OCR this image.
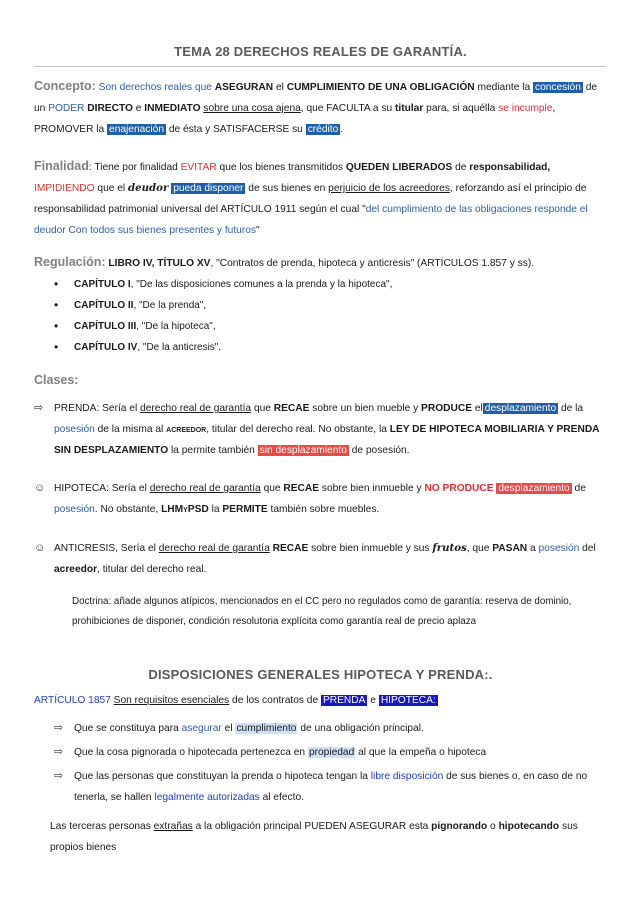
TEMA 28 DERECHOS REALES DE GARANTÍA.

Concepto: Son derechos reales que ASEGURAN el CUMPLIMIENTO DE UNA OBLIGACIÓN mediante la concesión de un PODER DIRECTO e INMEDIATO sobre una cosa ajena, que FACULTA a su titular para, si aquélla se incumple, PROMOVER la enajenación de ésta y SATISFACERSE su crédito .

Finalidad: Tiene por finalidad EVITAR que los bienes transmitidos QUEDEN LIBERADOS de responsabilidad, IMPIDIENDO que el deudor pueda disponer de sus bienes en perjuicio de los acreedores, reforzando así el principio de responsabilidad patrimonial universal del ARTÍCULO 1911 según el cual "del cumplimiento de las obligaciones responde el deudor Con todos sus bienes presentes y futuros"

Regulación: LIBRO IV, TÍTULO XV, "Contratos de prenda, hipoteca y anticresis" (ARTÍCULOS 1.857 y ss).

• CAPÍTULO I, "De las disposiciones comunes a la prenda y la hipoteca",
• CAPÍTULO II, "De la prenda",
• CAPÍTULO III, "De la hipoteca",
• CAPÍTULO IV, "De la anticresis".

Clases:

⇨ PRENDA: Sería el derecho real de garantía que RECAE sobre un bien mueble y PRODUCE el desplazamiento de la posesión de la misma al acreedor, titular del derecho real. No obstante, la LEY DE HIPOTECA MOBILIARIA Y PRENDA SIN DESPLAZAMIENTO la permite también sin desplazamiento de posesión.

☺ HIPOTECA: Sería el derecho real de garantía que RECAE sobre bien inmueble y NO PRODUCE desplazamiento de posesión. No obstante, LHMyPSD la PERMITE también sobre muebles.

☺ ANTICRESIS, Sería el derecho real de garantía RECAE sobre bien inmueble y sus frutos, que PASAN a posesión del acreedor, titular del derecho real.

Doctrina: añade algunos atípicos, mencionados en el CC pero no regulados como de garantía: reserva de dominio, prohibiciones de disponer, condición resolutoria explícita como garantía real de precio aplaza
DISPOSICIONES GENERALES HIPOTECA Y PRENDA:.

ARTÍCULO 1857 Son requisitos esenciales de los contratos de PRENDA e HIPOTECA:

⇨ Que se constituya para asegurar el cumplimiento de una obligación principal.

⇨ Que la cosa pignorada o hipotecada pertenezca en propiedad al que la empeña o hipoteca

⇨ Que las personas que constituyan la prenda o hipoteca tengan la libre disposición de sus bienes o, en caso de no tenerla, se hallen legalmente autorizadas al efecto.

Las terceras personas extrañas a la obligación principal PUEDEN ASEGURAR esta pignorando o hipotecando sus propios bienes
